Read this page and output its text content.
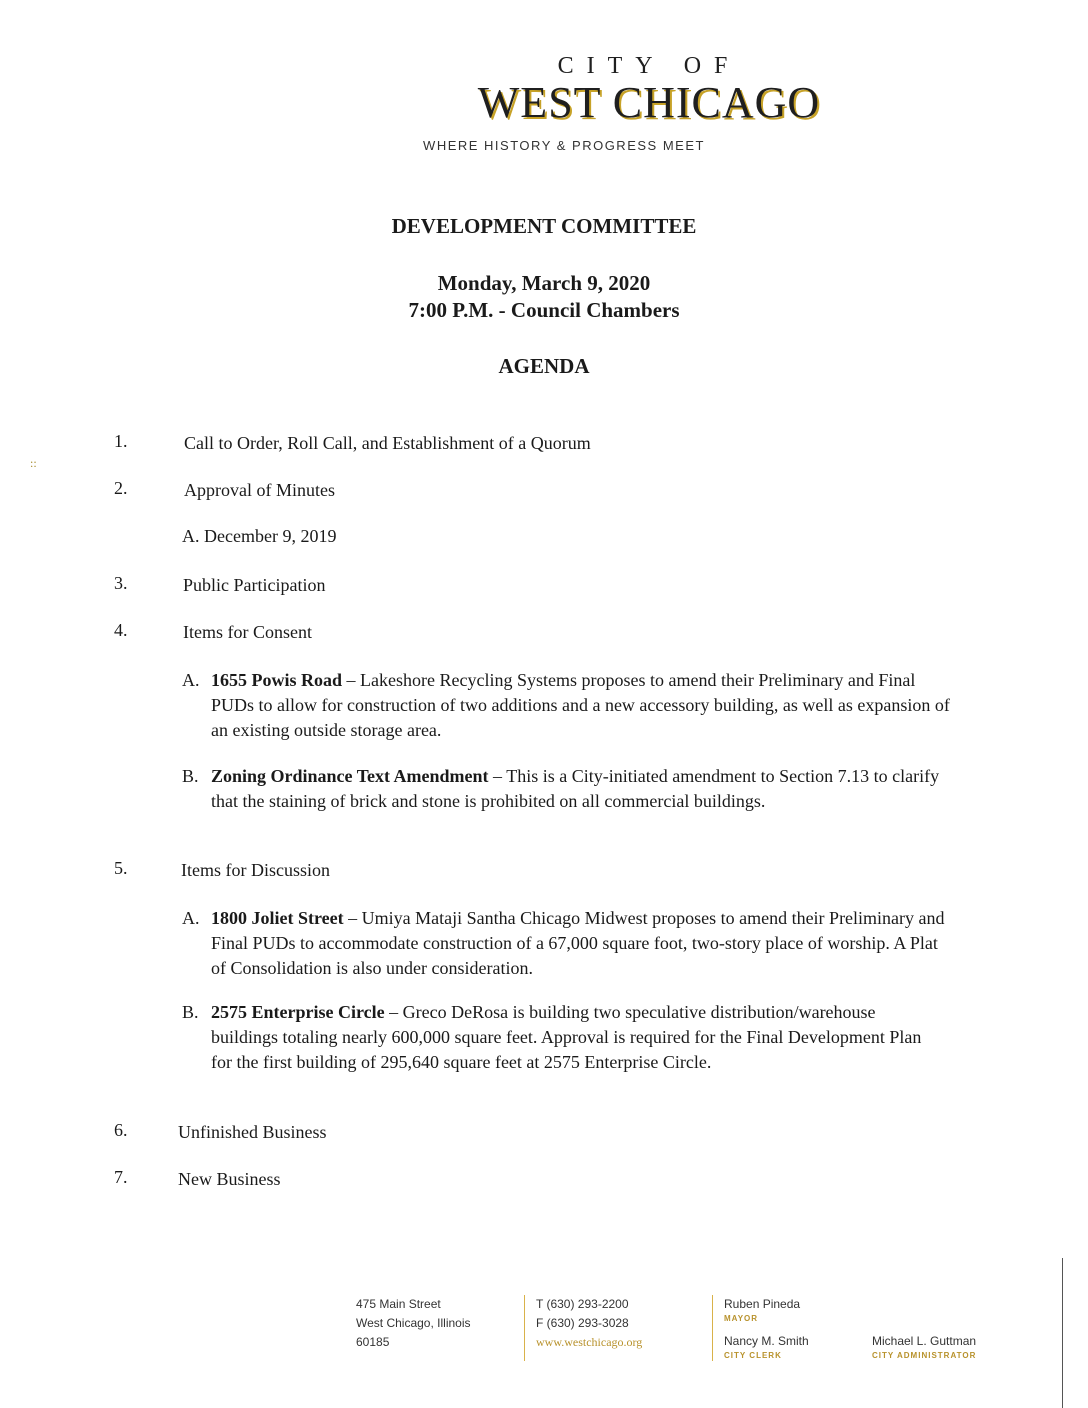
CITY OF
WEST CHICAGO
WHERE HISTORY & PROGRESS MEET
DEVELOPMENT COMMITTEE
Monday, March 9, 2020
7:00 P.M. - Council Chambers
AGENDA
::
1.	Call to Order, Roll Call, and Establishment of a Quorum
2.	Approval of Minutes
A. December 9, 2019
3.	Public Participation
4.	Items for Consent
A. 1655 Powis Road – Lakeshore Recycling Systems proposes to amend their Preliminary and Final PUDs to allow for construction of two additions and a new accessory building, as well as expansion of an existing outside storage area.
B. Zoning Ordinance Text Amendment – This is a City-initiated amendment to Section 7.13 to clarify that the staining of brick and stone is prohibited on all commercial buildings.
5.	Items for Discussion
A. 1800 Joliet Street – Umiya Mataji Santha Chicago Midwest proposes to amend their Preliminary and Final PUDs to accommodate construction of a 67,000 square foot, two-story place of worship. A Plat of Consolidation is also under consideration.
B. 2575 Enterprise Circle – Greco DeRosa is building two speculative distribution/warehouse buildings totaling nearly 600,000 square feet. Approval is required for the Final Development Plan for the first building of 295,640 square feet at 2575 Enterprise Circle.
6.	Unfinished Business
7.	New Business
475 Main Street
West Chicago, Illinois
60185
T (630) 293-2200
F (630) 293-3028
www.westchicago.org
Ruben Pineda
MAYOR
Nancy M. Smith
CITY CLERK
Michael L. Guttman
CITY ADMINISTRATOR
